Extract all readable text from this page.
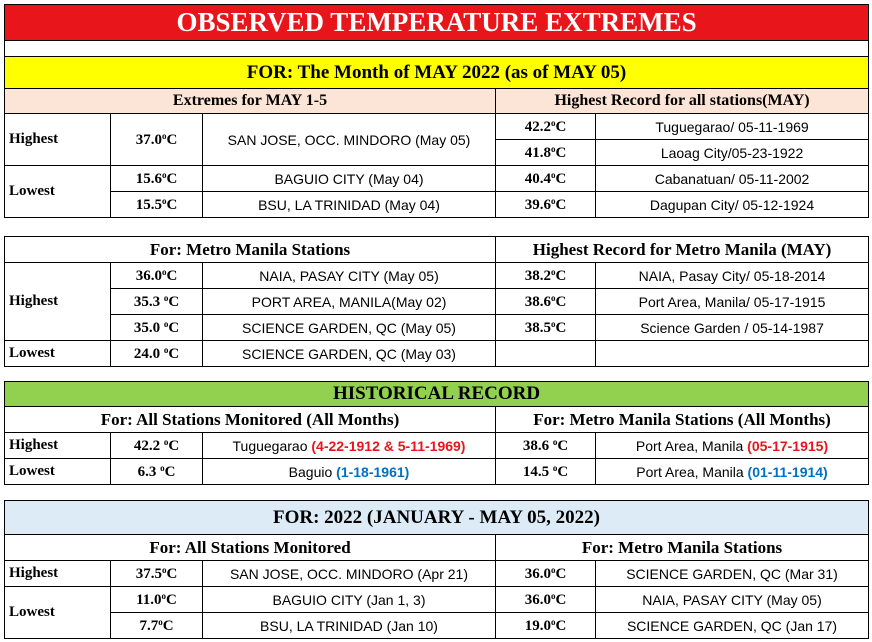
OBSERVED TEMPERATURE EXTREMES				

FOR: The Month of MAY 2022 (as of MAY 05)				
Extremes for MAY 1-5			Highest Record for all stations(MAY)	
Highest	37.0$^o$C	SAN JOSE, OCC. MINDORO (May 05)	42.2$^o$C	Tuguegarao/ 05-11-1969
			41.8$^o$C	Laoag City/05-23-1922
Lowest	15.6$^o$C	BAGUIO CITY (May 04)	40.4$^o$C	Cabanatuan/ 05-11-2002
	15.5$^o$C	BSU, LA TRINIDAD (May 04)	39.6$^o$C	Dagupan City/ 05-12-1924
For: Metro Manila Stations			Highest Record for Metro Manila (MAY)	
Highest	36.0$^o$C	NAIA, PASAY CITY (May 05)	38.2$^o$C	NAIA, Pasay City/ 05-18-2014
	35.3 $^o$C	PORT AREA, MANILA(May 02)	38.6$^o$C	Port Area, Manila/ 05-17-1915
	35.0 $^o$C	SCIENCE GARDEN, QC (May 05)	38.5$^o$C	Science Garden / 05-14-1987
Lowest	24.0 $^o$C	SCIENCE GARDEN, QC (May 03)		
HISTORICAL RECORD				
For: All Stations Monitored (All Months)			For: Metro Manila Stations (All Months)	
Highest	42.2 $^o$C	Tuguegarao (4-22-1912 & 5-11-1969)	38.6 $^o$C	Port Area, Manila (05-17-1915)
Lowest	6.3 $^o$C	Baguio (1-18-1961)	14.5 $^o$C	Port Area, Manila (01-11-1914)
FOR: 2022 (JANUARY - MAY 05, 2022)				
For: All Stations Monitored			For: Metro Manila Stations	
Highest	37.5$^o$C	SAN JOSE, OCC. MINDORO (Apr 21)	36.0$^o$C	SCIENCE GARDEN, QC (Mar 31)
Lowest	11.0$^o$C	BAGUIO CITY (Jan 1, 3)	36.0$^o$C	NAIA, PASAY CITY (May 05)
	7.7$^o$C	BSU, LA TRINIDAD (Jan 10)	19.0$^o$C	SCIENCE GARDEN, QC (Jan 17)
